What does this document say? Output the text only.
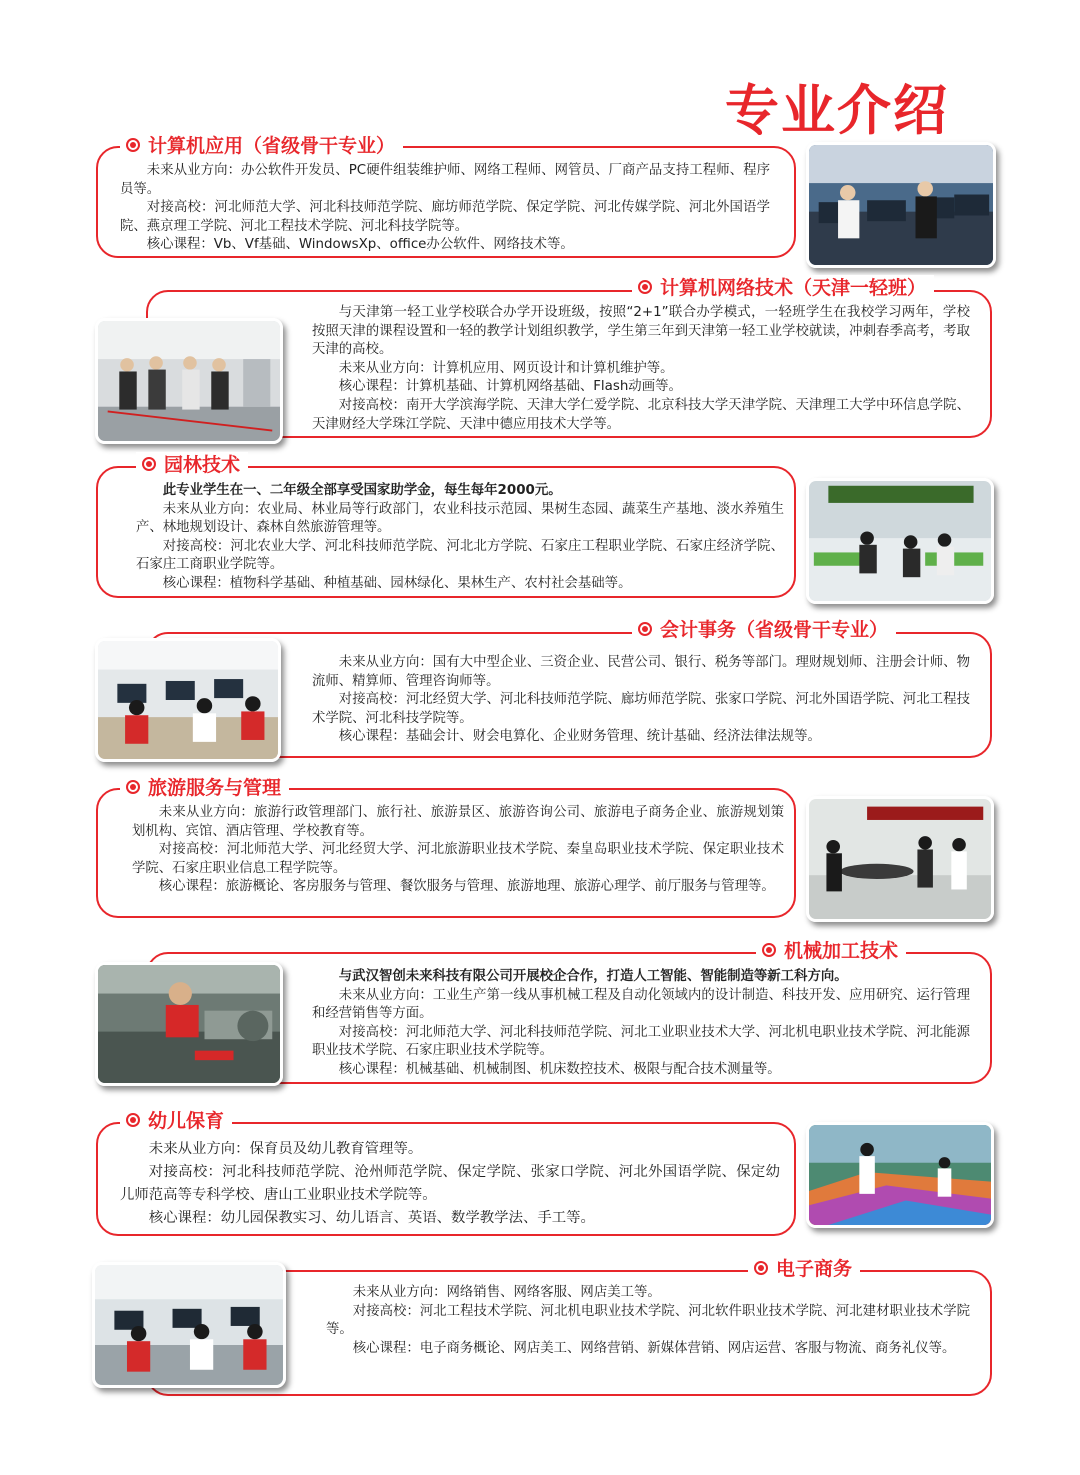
专业介绍
计算机应用（省级骨干专业）

未来从业方向：办公软件开发员、PC硬件组装维护师、网络工程师、网管员、厂商产品支持工程师、程序员等。

对接高校：河北师范大学、河北科技师范学院、廊坊师范学院、保定学院、河北传媒学院、河北外国语学院、燕京理工学院、河北工程技术学院、河北科技学院等。

核心课程：Vb、Vf基础、WindowsXp、office办公软件、网络技术等。

计算机网络技术（天津一轻班）

与天津第一轻工业学校联合办学开设班级，按照“2+1”联合办学模式，一轻班学生在我校学习两年，学校按照天津的课程设置和一轻的教学计划组织教学，学生第三年到天津第一轻工业学校就读，冲刺春季高考，考取天津的高校。

未来从业方向：计算机应用、网页设计和计算机维护等。

核心课程：计算机基础、计算机网络基础、Flash动画等。

对接高校：南开大学滨海学院、天津大学仁爱学院、北京科技大学天津学院、天津理工大学中环信息学院、天津财经大学珠江学院、天津中德应用技术大学等。

园林技术

此专业学生在一、二年级全部享受国家助学金，每生每年2000元。

未来从业方向：农业局、林业局等行政部门，农业科技示范园、果树生态园、蔬菜生产基地、淡水养殖生产、林地规划设计、森林自然旅游管理等。

对接高校：河北农业大学、河北科技师范学院、河北北方学院、石家庄工程职业学院、石家庄经济学院、石家庄工商职业学院等。

核心课程：植物科学基础、种植基础、园林绿化、果林生产、农村社会基础等。

会计事务（省级骨干专业）

未来从业方向：国有大中型企业、三资企业、民营公司、银行、税务等部门。理财规划师、注册会计师、物流师、精算师、管理咨询师等。

对接高校：河北经贸大学、河北科技师范学院、廊坊师范学院、张家口学院、河北外国语学院、河北工程技术学院、河北科技学院等。

核心课程：基础会计、财会电算化、企业财务管理、统计基础、经济法律法规等。

旅游服务与管理

未来从业方向：旅游行政管理部门、旅行社、旅游景区、旅游咨询公司、旅游电子商务企业、旅游规划策划机构、宾馆、酒店管理、学校教育等。

对接高校：河北师范大学、河北经贸大学、河北旅游职业技术学院、秦皇岛职业技术学院、保定职业技术学院、石家庄职业信息工程学院等。

核心课程：旅游概论、客房服务与管理、餐饮服务与管理、旅游地理、旅游心理学、前厅服务与管理等。

机械加工技术

与武汉智创未来科技有限公司开展校企合作，打造人工智能、智能制造等新工科方向。

未来从业方向：工业生产第一线从事机械工程及自动化领域内的设计制造、科技开发、应用研究、运行管理和经营销售等方面。

对接高校：河北师范大学、河北科技师范学院、河北工业职业技术大学、河北机电职业技术学院、河北能源职业技术学院、石家庄职业技术学院等。

核心课程：机械基础、机械制图、机床数控技术、极限与配合技术测量等。

幼儿保育

未来从业方向：保育员及幼儿教育管理等。

对接高校：河北科技师范学院、沧州师范学院、保定学院、张家口学院、河北外国语学院、保定幼儿师范高等专科学校、唐山工业职业技术学院等。

核心课程：幼儿园保教实习、幼儿语言、英语、数学教学法、手工等。

电子商务

未来从业方向：网络销售、网络客服、网店美工等。

对接高校：河北工程技术学院、河北机电职业技术学院、河北软件职业技术学院、河北建材职业技术学院等。

核心课程：电子商务概论、网店美工、网络营销、新媒体营销、网店运营、客服与物流、商务礼仪等。
